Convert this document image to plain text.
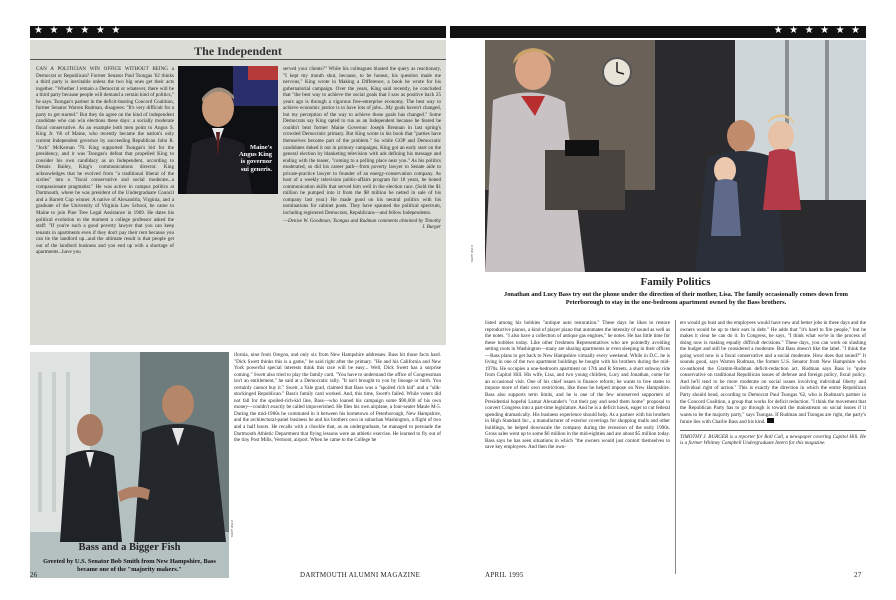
★ ★ ★ ★ ★ ★	★ ★ ★ ★ ★ ★
The Independent
CAN A POLITICIAN WIN OFFICE WITHOUT BEING a Democrat or Republican? Former Senator Paul Tsongas '62 thinks a third party is inevitable unless the two big ones get their acts together. "Whether I remain a Democrat or whatever, there will be a third party because people will demand a certain kind of politics," he says. Tsongas's partner in the deficit-busting Concord Coalition, former Senator Warren Rudman, disagrees: "It's very difficult for a party to get started." But they do agree on the kind of independent candidate who can win elections these days: a socially moderate fiscal conservative. As an example both men point to Angus S. King Jr. '66 of Maine, who recently became the nation's only current Independent governor by succeeding Republican John R. "Jock" McKernan '70. King supported Tsongas's bid for the presidency, and it was Tsongas's defeat that propelled King to consider his own candidacy as an Independent, according to Dennis Bailey, King's communications director. King acknowledges that he evolved from "a traditional liberal of the sixties" into a "fiscal conservative and social moderate...a compassionate pragmatist." He was active in campus politics at Dartmouth, where he was president of the Undergraduate Council and a Barrett Cup winner. A native of Alexandria, Virginia, and a graduate of the University of Virginia Law School, he came to Maine to join Pine Tree Legal Assistance in 1969. He dates his political evolution to the moment a college professor asked the staff: "If you're such a good poverty lawyer that you can keep tenants in apartments even if they don't pay their rent because you can tie the landlord up...and the ultimate result is that people get out of the landlord business and you end up with a shortage of apartments...have you
Maine's
Angus King
is governor
sui generis.
served your clients?" While his colleagues blasted the query as reactionary, "I kept my mouth shut, because, to be honest, his question made me nervous," King wrote in Making a Difference, a book he wrote for his gubernatorial campaign. Over the years, King said recently, he concluded that "the best way to achieve the social goals that I saw as positive back 25 years ago is through a vigorous free-enterprise economy. The best way to achieve economic justice is to have lots of jobs....My goals haven't changed, but my perception of the way to achieve those goals has changed." Some Democrats say King opted to run as an Independent because he feared he couldn't beat former Maine Governor Joseph Brennan in last spring's crowded Democratic primary. But King wrote in his book that "parties have themselves become part of the problem." So while GOP and Democratic candidates duked it out in primary campaigns, King got an early start on the general election by blanketing television with ads defining his message and ending with the teaser, "coming to a polling place near you." As his politics moderated, so did his career path—from poverty lawyer to Senate aide to private-practice lawyer to founder of an energy-conservation company. As host of a weekly television public-affairs program for 18 years, he honed communication skills that served him well in the election race. (Sold the $1 million he pumped into it from the $8 million he netted in sale of his company last year.) He made good on his neutral politics with his nominations for cabinet posts. They have spanned the political spectrum, including registered Democrats, Republicans—and fellow Independents.
—Denise W. Goodman; Tsongas and Rudman comments obtained by Timothy J. Burger
Bass and a Bigger Fish
Greeted by U.S. Senator Bob Smith from New Hampshire, Bass became one of the "majority makers."
ifornia, nine from Oregon, and only six from New Hampshire addresses. Bass hit those facts hard. "Dick Swett thinks this is a game," he said right after the primary. "He and his California and New York powerful special interests think this race will be easy... Well, Dick Swett has a surprise coming." Swett also tried to play the family card. "You have to understand the office of Congressman isn't an entitlement," he said at a Democratic rally. "It isn't brought to you by lineage or birth. You certainly cannot buy it." Swett, a Yale grad, claimed that Bass was a "spoiled rich kid" and a "silk-stockinged Republican." Bass's family card worked. And, this time, Swett's failed. While voters did not fall for the spoiled-rich-kid line, Bass—who loaned his campaign some $90,000 of his own money—couldn't exactly be called impoverished. He flies his own airplane, a four-seater Maule M-5. During the mid-1980s he commuted in it between his hometown of Peterborough, New Hampshire, and the architectural-panel business he and his brothers own in suburban Washington, a flight of two and a half hours. He recalls with a chuckle that, as an undergraduate, he managed to persuade the Dartmouth Athletic Department that flying lessons were an athletic exercise. He learned to fly out of the tiny Post Mills, Vermont, airport. When he came to the College he
Family Politics
Jonathan and Lucy Bass try out the phone under the direction of their mother, Lisa. The family occasionally comes down from Peterborough to stay in the one-bedroom apartment owned by the Bass brothers.
JOSE AZEL
JOSE AZEL
listed among his hobbies "antique auto restoration." These days he likes to restore reproductive pianos, a kind of player piano that automates the intensity of sound as well as the notes. "I also have a collection of antique gas engines," he notes. He has little time for these hobbies today. Like other freshmen Representatives who are pointedly avoiding setting roots in Washington—many are sharing apartments or even sleeping in their offices—Bass plans to get back to New Hampshire virtually every weekend. While in D.C. he is living in one of the two apartment buildings he bought with his brothers during the mid-1970s. He occupies a one-bedroom apartment on 17th and R Streets, a short subway ride from Capitol Hill. His wife, Lisa, and two young children, Lucy and Jonathan, come for an occasional visit. One of his chief issues is finance reform; he wants to free states to impose more of their own restrictions, like those he helped impose on New Hampshire. Bass also supports term limits, and he is one of the few unreserved supporters of Presidential hopeful Lamar Alexander's "cut their pay and send them home" proposal to convert Congress into a part-time legislature. And he is a deficit hawk, eager to cut federal spending dramatically. His business experience should help. As a partner with his brothers in High Standard Inc., a manufacturer of exterior coverings for shopping malls and other buildings, he helped downscale the company during the recession of the early 1990s. Gross sales went up to some $6 million in the mid-eighties and are about $5 million today. Bass says he has seen situations in which "the owners would just contort themselves to save key employees. And then the own-
ers would go bust and the employees would have new and better jobs in three days and the owners would be up to their ears in debt." He adds that "it's hard to fire people," but he makes it clear he can do it. In Congress, he says, "I think what we're in the process of doing now is making equally difficult decisions." These days, you can work on slashing the budget and still be considered a moderate. But Bass doesn't like the label. "I think the going word now is a fiscal conservative and a social moderate. How does that sound?" It sounds good, says Warren Rudman, the former U.S. Senator from New Hampshire who co-authored the Gramm-Rudman deficit-reduction act. Rudman says Bass is "quite conservative on traditional Republican issues of defense and foreign policy, fiscal policy. And he'll tend to be more moderate on social issues involving individual liberty and individual right of action." This is exactly the direction in which the entire Republican Party should head, according to Democrat Paul Tsongas '62, who is Rudman's partner in the Concord Coalition, a group that works for deficit reduction. "I think the movement that the Republican Party has to go through is toward the mainstream on social issues if it wants to be the majority party," says Tsongas. If Rudman and Tsongas are right, the party's future lies with Charlie Bass and his kind.
TIMOTHY J. BURGER is a reporter for Roll Call, a newspaper covering Capitol Hill. He is a former Whitney Campbell Undergraduate Intern for this magazine.
26	DARTMOUTH ALUMNI MAGAZINE	APRIL 1995	27
